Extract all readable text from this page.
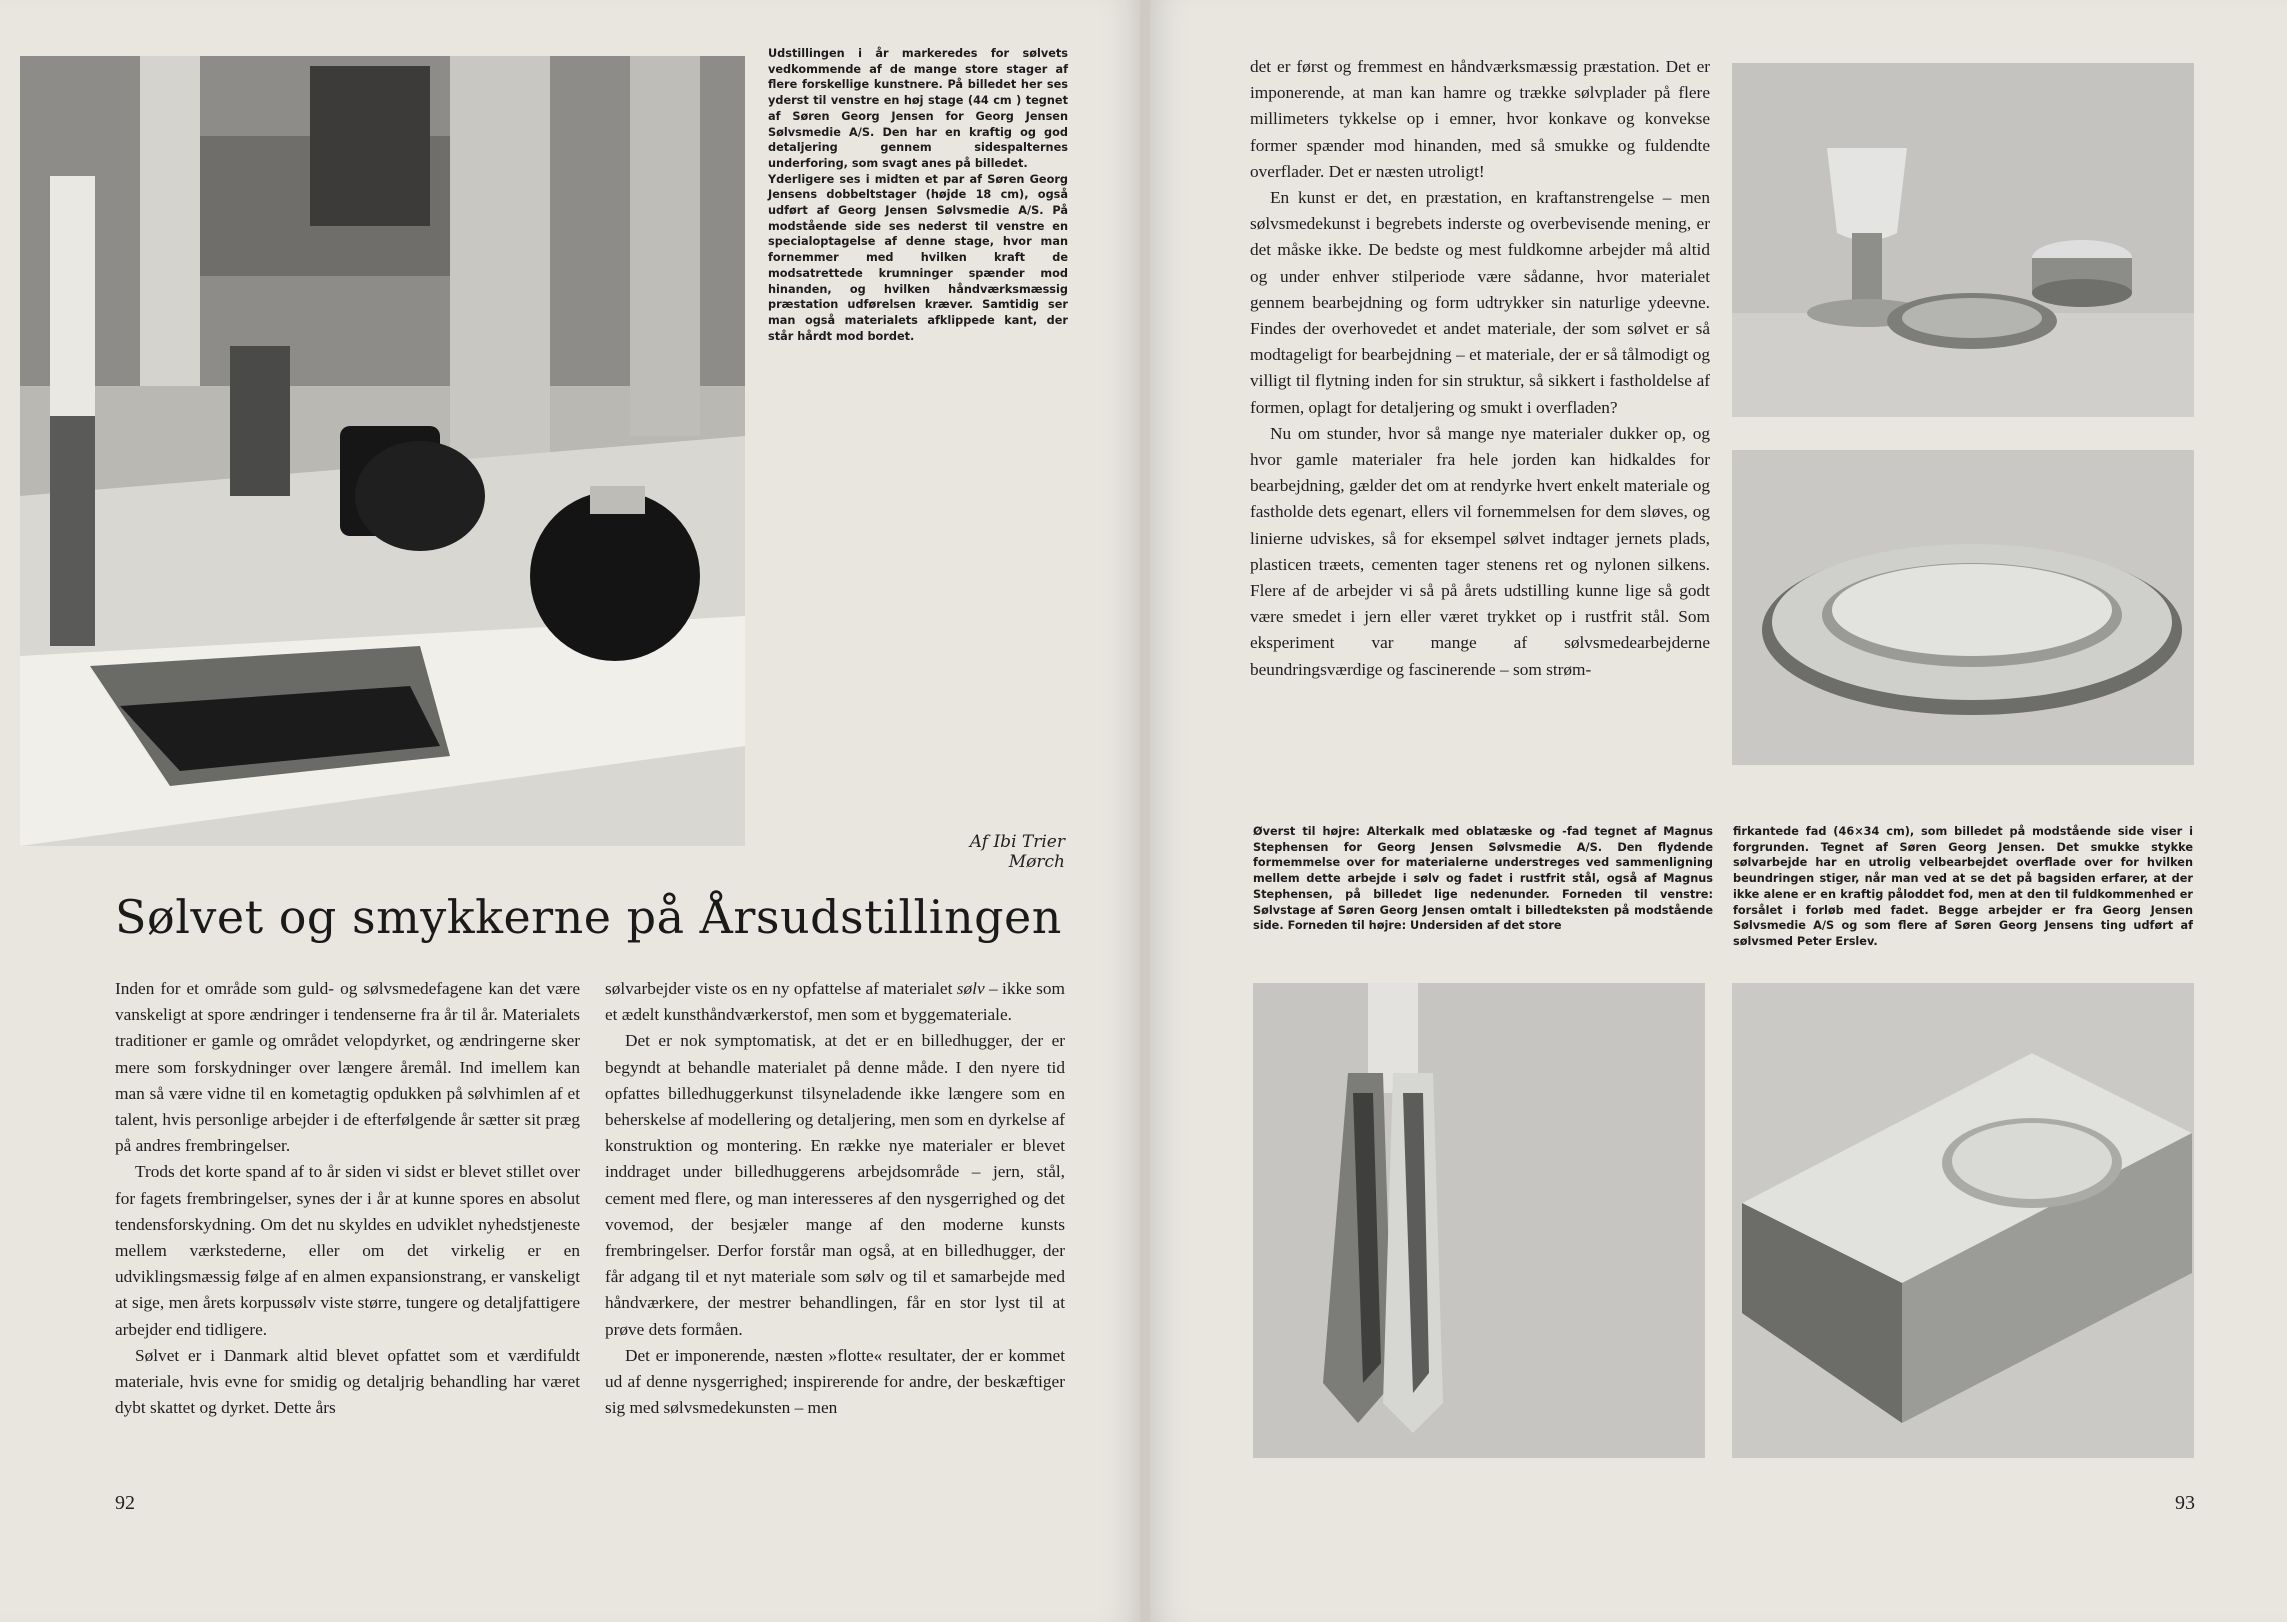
Udstillingen i år markeredes for sølvets vedkommende af de mange store stager af flere forskellige kunstnere. På billedet her ses yderst til venstre en høj stage (44 cm ) tegnet af Søren Georg Jensen for Georg Jensen Sølvsmedie A/S. Den har en kraftig og god detaljering gennem sidespalternes underforing, som svagt anes på billedet.

Yderligere ses i midten et par af Søren Georg Jensens dobbeltstager (højde 18 cm), også udført af Georg Jensen Sølvsmedie A/S. På modstående side ses nederst til venstre en specialoptagelse af denne stage, hvor man fornemmer med hvilken kraft de modsatrettede krumninger spænder mod hinanden, og hvilken håndværksmæssig præstation udførelsen kræver. Samtidig ser man også materialets afklippede kant, der står hårdt mod bordet.

Af Ibi Trier Mørch
Sølvet og smykkerne på Årsudstillingen

Inden for et område som guld- og sølvsmedefagene kan det være vanskeligt at spore ændringer i tendenserne fra år til år. Materialets traditioner er gamle og området velopdyrket, og ændringerne sker mere som forskydninger over længere åremål. Ind imellem kan man så være vidne til en kometagtig opdukken på sølvhimlen af et talent, hvis personlige arbejder i de efterfølgende år sætter sit præg på andres frembringelser.

Trods det korte spand af to år siden vi sidst er blevet stillet over for fagets frembringelser, synes der i år at kunne spores en absolut tendensforskydning. Om det nu skyldes en udviklet nyhedstjeneste mellem værkstederne, eller om det virkelig er en udviklingsmæssig følge af en almen expansionstrang, er vanskeligt at sige, men årets korpussølv viste større, tungere og detaljfattigere arbejder end tidligere.

Sølvet er i Danmark altid blevet opfattet som et værdifuldt materiale, hvis evne for smidig og detaljrig behandling har været dybt skattet og dyrket. Dette års

sølvarbejder viste os en ny opfattelse af materialet sølv – ikke som et ædelt kunsthåndværkerstof, men som et byggemateriale.

Det er nok symptomatisk, at det er en billedhugger, der er begyndt at behandle materialet på denne måde. I den nyere tid opfattes billedhuggerkunst tilsyneladende ikke længere som en beherskelse af modellering og detaljering, men som en dyrkelse af konstruktion og montering. En række nye materialer er blevet inddraget under billedhuggerens arbejdsområde – jern, stål, cement med flere, og man interesseres af den nysgerrighed og det vovemod, der besjæler mange af den moderne kunsts frembringelser. Derfor forstår man også, at en billedhugger, der får adgang til et nyt materiale som sølv og til et samarbejde med håndværkere, der mestrer behandlingen, får en stor lyst til at prøve dets formåen.

Det er imponerende, næsten »flotte« resultater, der er kommet ud af denne nysgerrighed; inspirerende for andre, der beskæftiger sig med sølvsmedekunsten – men

92

det er først og fremmest en håndværksmæssig præstation. Det er imponerende, at man kan hamre og trække sølvplader på flere millimeters tykkelse op i emner, hvor konkave og konvekse former spænder mod hinanden, med så smukke og fuldendte overflader. Det er næsten utroligt!

En kunst er det, en præstation, en kraftanstrengelse – men sølvsmedekunst i begrebets inderste og overbevisende mening, er det måske ikke. De bedste og mest fuldkomne arbejder må altid og under enhver stilperiode være sådanne, hvor materialet gennem bearbejdning og form udtrykker sin naturlige ydeevne. Findes der overhovedet et andet materiale, der som sølvet er så modtageligt for bearbejdning – et materiale, der er så tålmodigt og villigt til flytning inden for sin struktur, så sikkert i fastholdelse af formen, oplagt for detaljering og smukt i overfladen?

Nu om stunder, hvor så mange nye materialer dukker op, og hvor gamle materialer fra hele jorden kan hidkaldes for bearbejdning, gælder det om at rendyrke hvert enkelt materiale og fastholde dets egenart, ellers vil fornemmelsen for dem sløves, og linierne udviskes, så for eksempel sølvet indtager jernets plads, plasticen træets, cementen tager stenens ret og nylonen silkens. Flere af de arbejder vi så på årets udstilling kunne lige så godt være smedet i jern eller været trykket op i rustfrit stål. Som eksperiment var mange af sølvsmedearbejderne beundringsværdige og fascinerende – som strøm-

Øverst til højre: Alterkalk med oblatæske og -fad tegnet af Magnus Stephensen for Georg Jensen Sølvsmedie A/S. Den flydende formemmelse over for materialerne understreges ved sammenligning mellem dette arbejde i sølv og fadet i rustfrit stål, også af Magnus Stephensen, på billedet lige nedenunder. Forneden til venstre: Sølvstage af Søren Georg Jensen omtalt i billedteksten på modstående side. Forneden til højre: Undersiden af det store
firkantede fad (46×34 cm), som billedet på modstående side viser i forgrunden. Tegnet af Søren Georg Jensen. Det smukke stykke sølvarbejde har en utrolig velbearbejdet overflade over for hvilken beundringen stiger, når man ved at se det på bagsiden erfarer, at der ikke alene er en kraftig påloddet fod, men at den til fuldkommenhed er forsålet i forløb med fadet. Begge arbejder er fra Georg Jensen Sølvsmedie A/S og som flere af Søren Georg Jensens ting udført af sølvsmed Peter Erslev.
93
